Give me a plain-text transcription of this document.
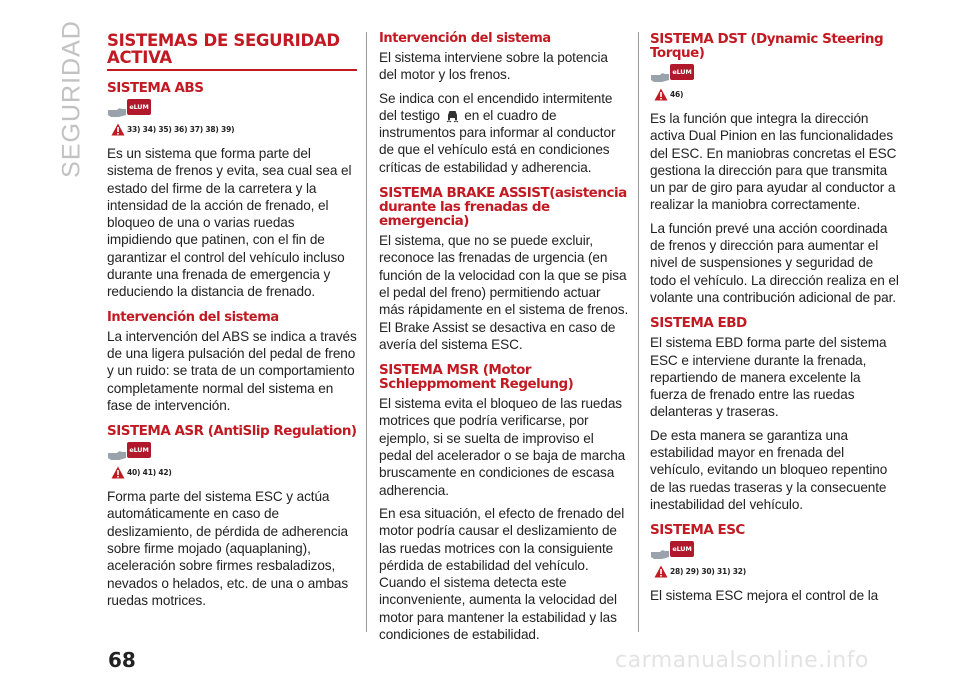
SEGURIDAD SISTEMAS DE SEGURIDAD ACTIVA
SISTEMA ABS
eLUM
33) 34) 35) 36) 37) 38) 39)

Es un sistema que forma parte del sistema de frenos y evita, sea cual sea el estado del firme de la carretera y la intensidad de la acción de frenado, el bloqueo de una o varias ruedas impidiendo que patinen, con el fin de garantizar el control del vehículo incluso durante una frenada de emergencia y reduciendo la distancia de frenado.

Intervención del sistema

La intervención del ABS se indica a través de una ligera pulsación del pedal de freno y un ruido: se trata de un comportamiento completamente normal del sistema en fase de intervención.

SISTEMA ASR (AntiSlip Regulation)
eLUM
40) 41) 42)

Forma parte del sistema ESC y actúa automáticamente en caso de deslizamiento, de pérdida de adherencia sobre firme mojado (aquaplaning), aceleración sobre firmes resbaladizos, nevados o helados, etc. de una o ambas ruedas motrices.

Intervención del sistema

El sistema interviene sobre la potencia del motor y los frenos.

Se indica con el encendido intermitente del testigo en el cuadro de instrumentos para informar al conductor de que el vehículo está en condiciones críticas de estabilidad y adherencia.

SISTEMA BRAKE ASSIST(asistencia durante las frenadas de emergencia)

El sistema, que no se puede excluir, reconoce las frenadas de urgencia (en función de la velocidad con la que se pisa el pedal del freno) permitiendo actuar más rápidamente en el sistema de frenos. El Brake Assist se desactiva en caso de avería del sistema ESC.

SISTEMA MSR (Motor Schleppmoment Regelung)

El sistema evita el bloqueo de las ruedas motrices que podría verificarse, por ejemplo, si se suelta de improviso el pedal del acelerador o se baja de marcha bruscamente en condiciones de escasa adherencia.

En esa situación, el efecto de frenado del motor podría causar el deslizamiento de las ruedas motrices con la consiguiente pérdida de estabilidad del vehículo. Cuando el sistema detecta este inconveniente, aumenta la velocidad del motor para mantener la estabilidad y las condiciones de estabilidad.

SISTEMA DST (Dynamic Steering Torque)
eLUM
46)

Es la función que integra la dirección activa Dual Pinion en las funcionalidades del ESC. En maniobras concretas el ESC gestiona la dirección para que transmita un par de giro para ayudar al conductor a realizar la maniobra correctamente.

La función prevé una acción coordinada de frenos y dirección para aumentar el nivel de suspensiones y seguridad de todo el vehículo. La dirección realiza en el volante una contribución adicional de par.

SISTEMA EBD

El sistema EBD forma parte del sistema ESC e interviene durante la frenada, repartiendo de manera excelente la fuerza de frenado entre las ruedas delanteras y traseras.

De esta manera se garantiza una estabilidad mayor en frenada del vehículo, evitando un bloqueo repentino de las ruedas traseras y la consecuente inestabilidad del vehículo.

SISTEMA ESC
eLUM
28) 29) 30) 31) 32)

El sistema ESC mejora el control de la

68	carmanualsonline.info
